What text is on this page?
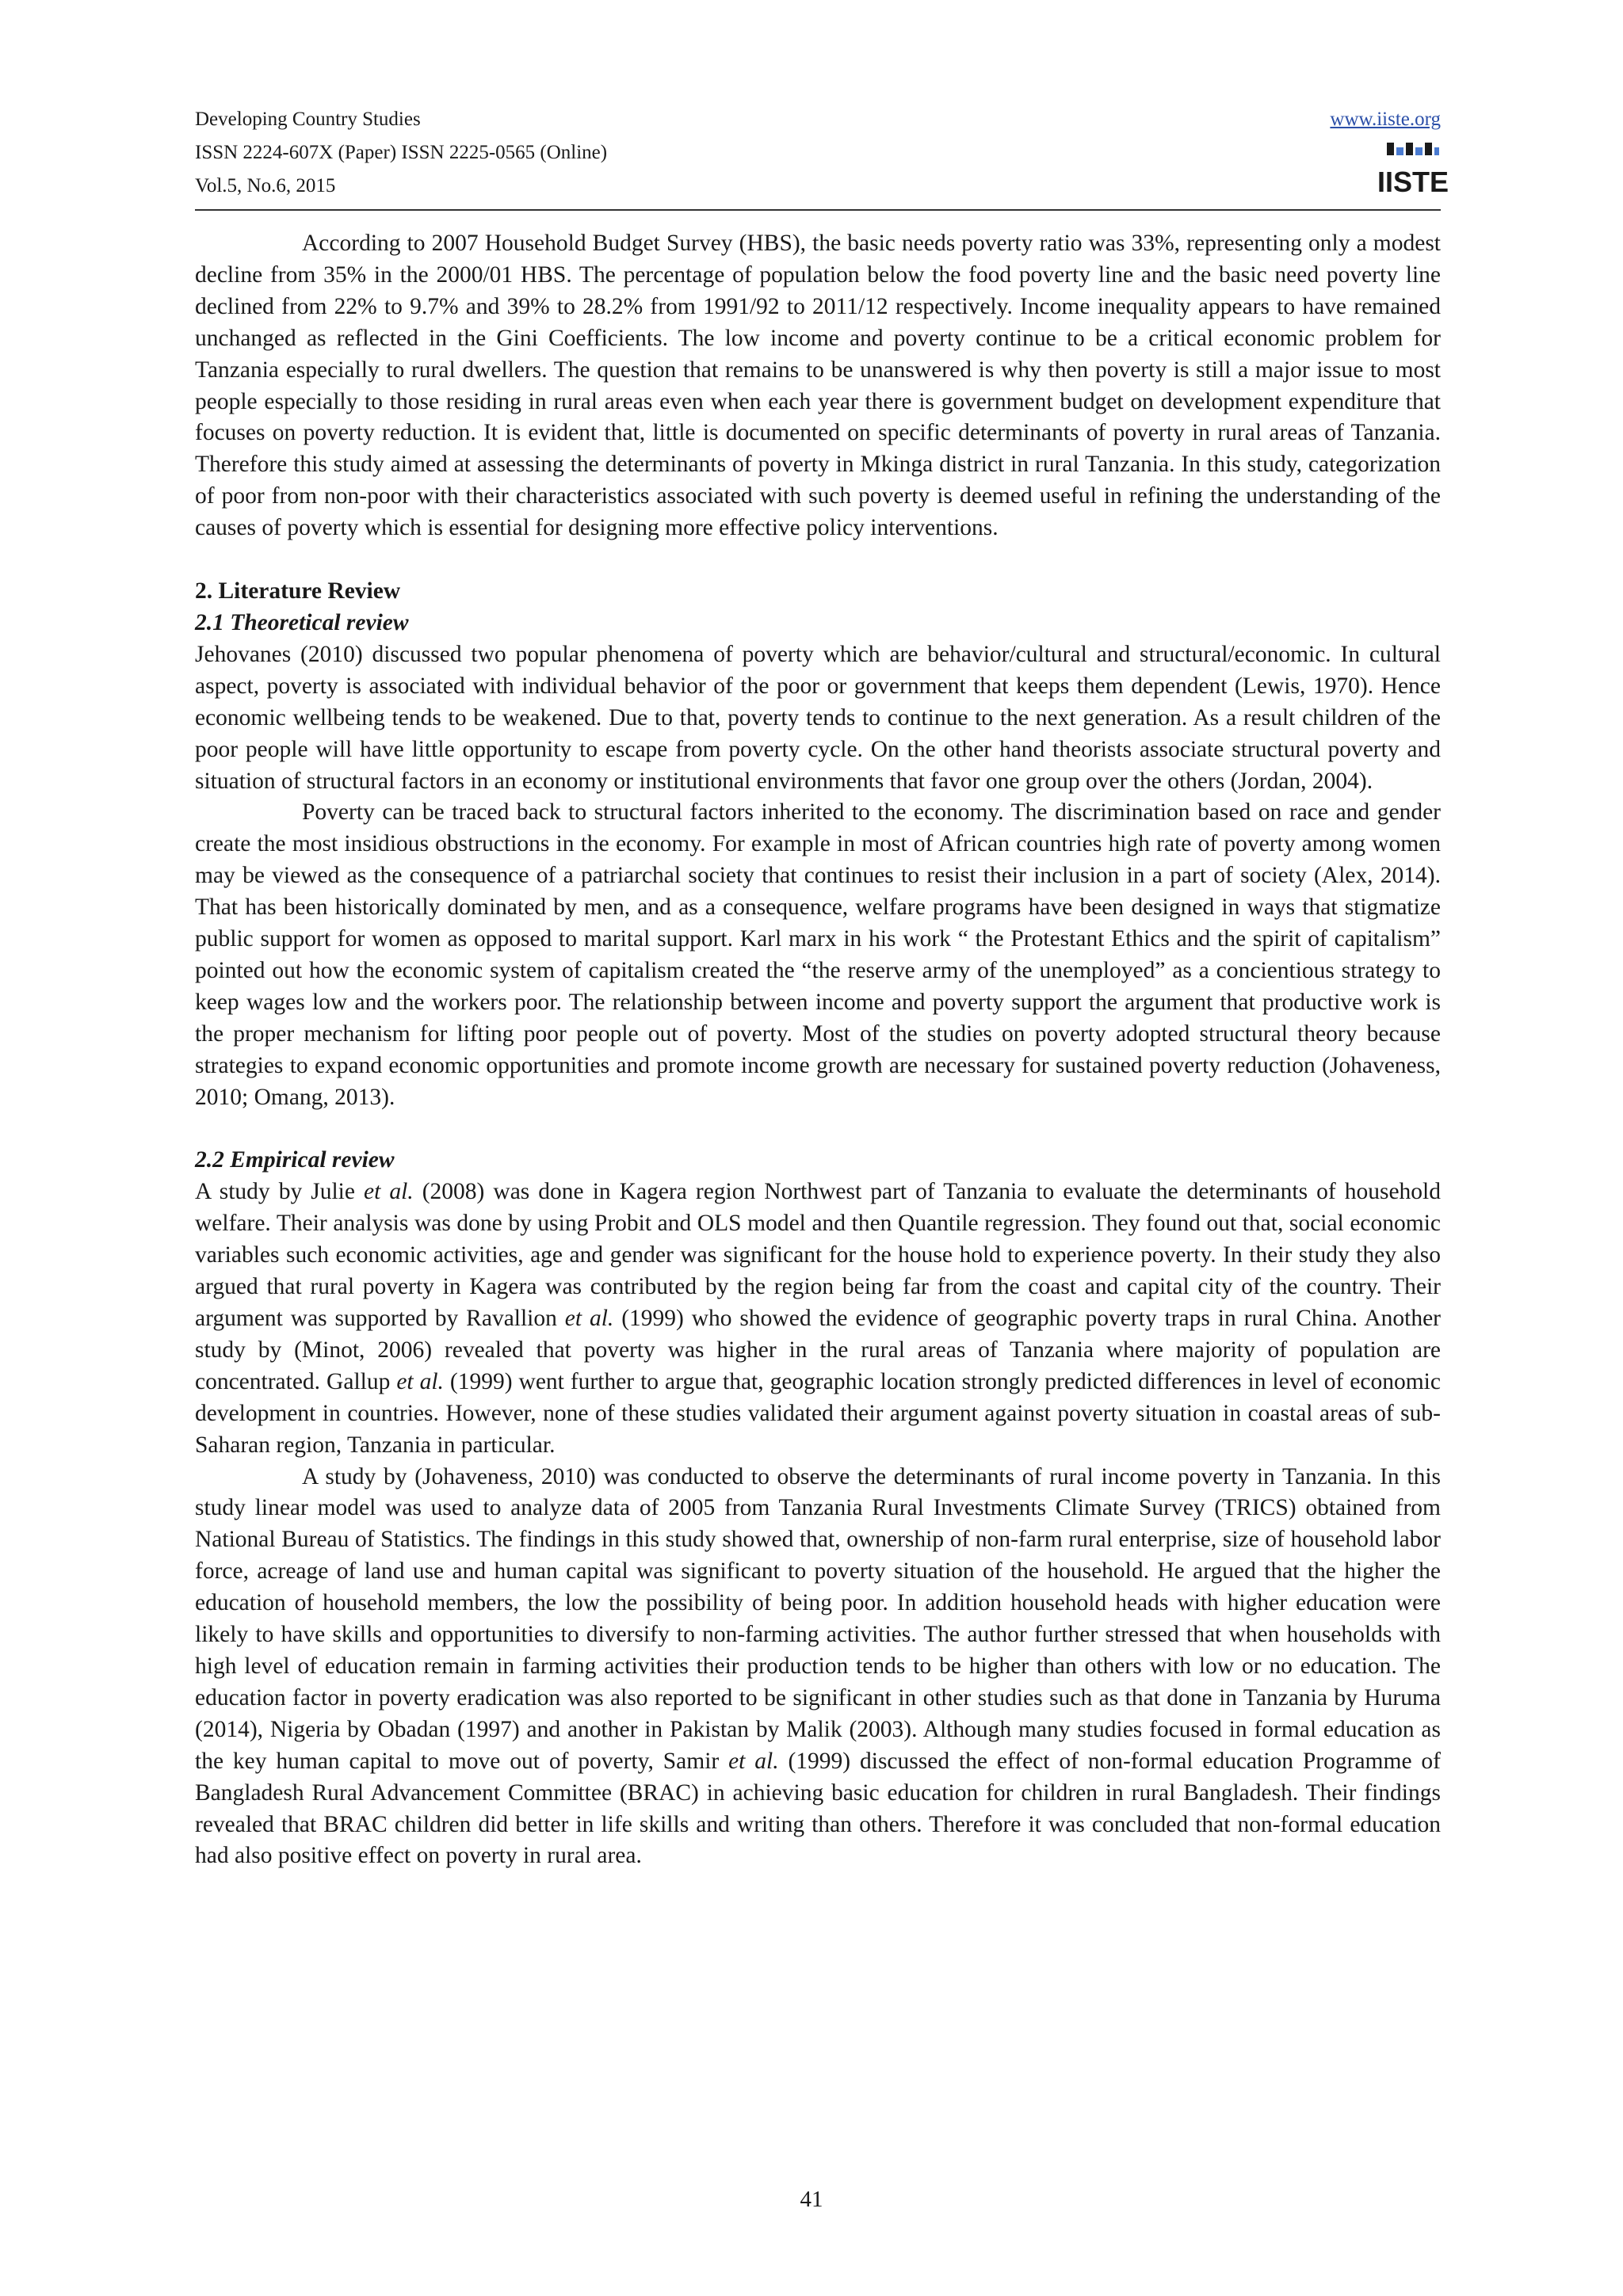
Developing Country Studies
ISSN 2224-607X (Paper) ISSN 2225-0565 (Online)
Vol.5, No.6, 2015
www.iiste.org
IISTE

According to 2007 Household Budget Survey (HBS), the basic needs poverty ratio was 33%, representing only a modest decline from 35% in the 2000/01 HBS. The percentage of population below the food poverty line and the basic need poverty line declined from 22% to 9.7% and 39% to 28.2% from 1991/92 to 2011/12 respectively. Income inequality appears to have remained unchanged as reflected in the Gini Coefficients. The low income and poverty continue to be a critical economic problem for Tanzania especially to rural dwellers. The question that remains to be unanswered is why then poverty is still a major issue to most people especially to those residing in rural areas even when each year there is government budget on development expenditure that focuses on poverty reduction. It is evident that, little is documented on specific determinants of poverty in rural areas of Tanzania. Therefore this study aimed at assessing the determinants of poverty in Mkinga district in rural Tanzania. In this study, categorization of poor from non-poor with their characteristics associated with such poverty is deemed useful in refining the understanding of the causes of poverty which is essential for designing more effective policy interventions.

2. Literature Review

2.1 Theoretical review

Jehovanes (2010) discussed two popular phenomena of poverty which are behavior/cultural and structural/economic. In cultural aspect, poverty is associated with individual behavior of the poor or government that keeps them dependent (Lewis, 1970). Hence economic wellbeing tends to be weakened. Due to that, poverty tends to continue to the next generation. As a result children of the poor people will have little opportunity to escape from poverty cycle. On the other hand theorists associate structural poverty and situation of structural factors in an economy or institutional environments that favor one group over the others (Jordan, 2004).

Poverty can be traced back to structural factors inherited to the economy. The discrimination based on race and gender create the most insidious obstructions in the economy. For example in most of African countries high rate of poverty among women may be viewed as the consequence of a patriarchal society that continues to resist their inclusion in a part of society (Alex, 2014). That has been historically dominated by men, and as a consequence, welfare programs have been designed in ways that stigmatize public support for women as opposed to marital support. Karl marx in his work “ the Protestant Ethics and the spirit of capitalism” pointed out how the economic system of capitalism created the “the reserve army of the unemployed” as a concientious strategy to keep wages low and the workers poor. The relationship between income and poverty support the argument that productive work is the proper mechanism for lifting poor people out of poverty. Most of the studies on poverty adopted structural theory because strategies to expand economic opportunities and promote income growth are necessary for sustained poverty reduction (Johaveness, 2010; Omang, 2013).

2.2 Empirical review

A study by Julie et al. (2008) was done in Kagera region Northwest part of Tanzania to evaluate the determinants of household welfare. Their analysis was done by using Probit and OLS model and then Quantile regression. They found out that, social economic variables such economic activities, age and gender was significant for the house hold to experience poverty. In their study they also argued that rural poverty in Kagera was contributed by the region being far from the coast and capital city of the country. Their argument was supported by Ravallion et al. (1999) who showed the evidence of geographic poverty traps in rural China. Another study by (Minot, 2006) revealed that poverty was higher in the rural areas of Tanzania where majority of population are concentrated. Gallup et al. (1999) went further to argue that, geographic location strongly predicted differences in level of economic development in countries. However, none of these studies validated their argument against poverty situation in coastal areas of sub-Saharan region, Tanzania in particular.

A study by (Johaveness, 2010) was conducted to observe the determinants of rural income poverty in Tanzania. In this study linear model was used to analyze data of 2005 from Tanzania Rural Investments Climate Survey (TRICS) obtained from National Bureau of Statistics. The findings in this study showed that, ownership of non-farm rural enterprise, size of household labor force, acreage of land use and human capital was significant to poverty situation of the household. He argued that the higher the education of household members, the low the possibility of being poor. In addition household heads with higher education were likely to have skills and opportunities to diversify to non-farming activities. The author further stressed that when households with high level of education remain in farming activities their production tends to be higher than others with low or no education. The education factor in poverty eradication was also reported to be significant in other studies such as that done in Tanzania by Huruma (2014), Nigeria by Obadan (1997) and another in Pakistan by Malik (2003). Although many studies focused in formal education as the key human capital to move out of poverty, Samir et al. (1999) discussed the effect of non-formal education Programme of Bangladesh Rural Advancement Committee (BRAC) in achieving basic education for children in rural Bangladesh. Their findings revealed that BRAC children did better in life skills and writing than others. Therefore it was concluded that non-formal education had also positive effect on poverty in rural area.

41
